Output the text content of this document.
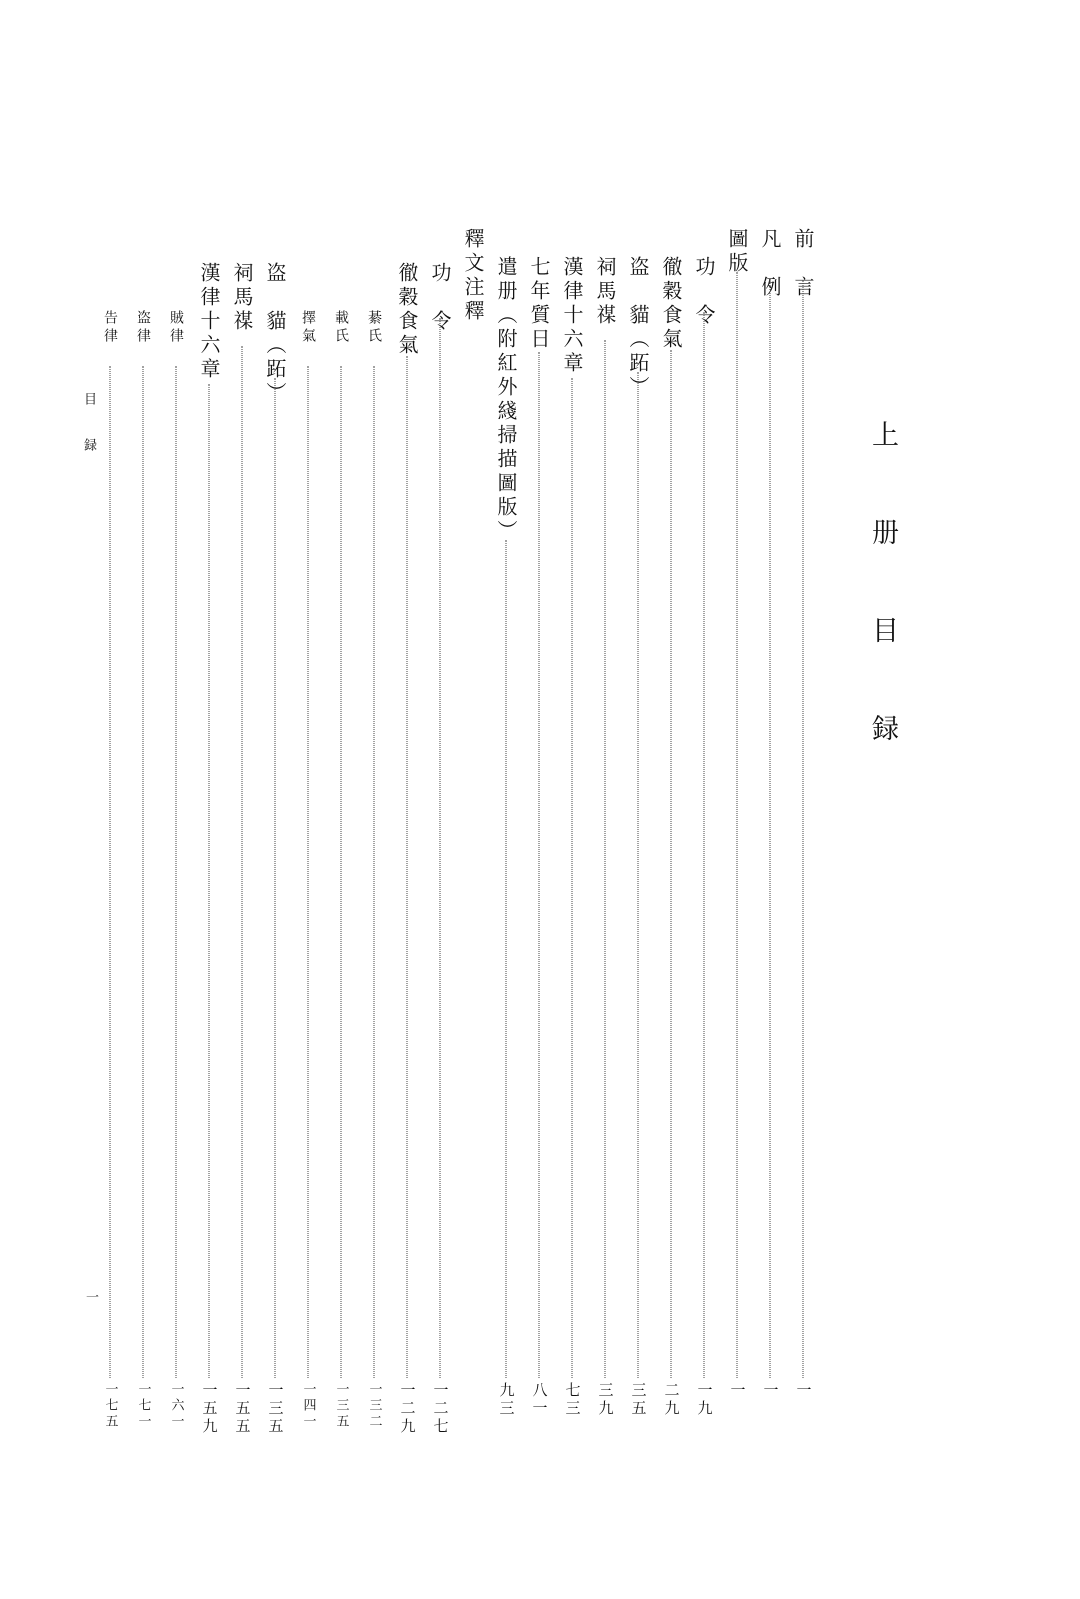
上 册 目 録
目 録
一
前　言
一
凡　例
一
圖版
一
功　令
一九
徹穀食氣
二九
盗　貓（跖）
三五
祠馬禖
三九
漢律十六章
七三
七年質日
八一
遣册（附紅外綫掃描圖版）
九三
釋文注釋
功　令
一二七
徹穀食氣
一二九
綦氏
一三二
載氏
一三五
擇氣
一四一
盗　貓（跖）
一三五
祠馬禖
一五五
漢律十六章
一五九
賊律
一六一
盗律
一七一
告律
一七五
